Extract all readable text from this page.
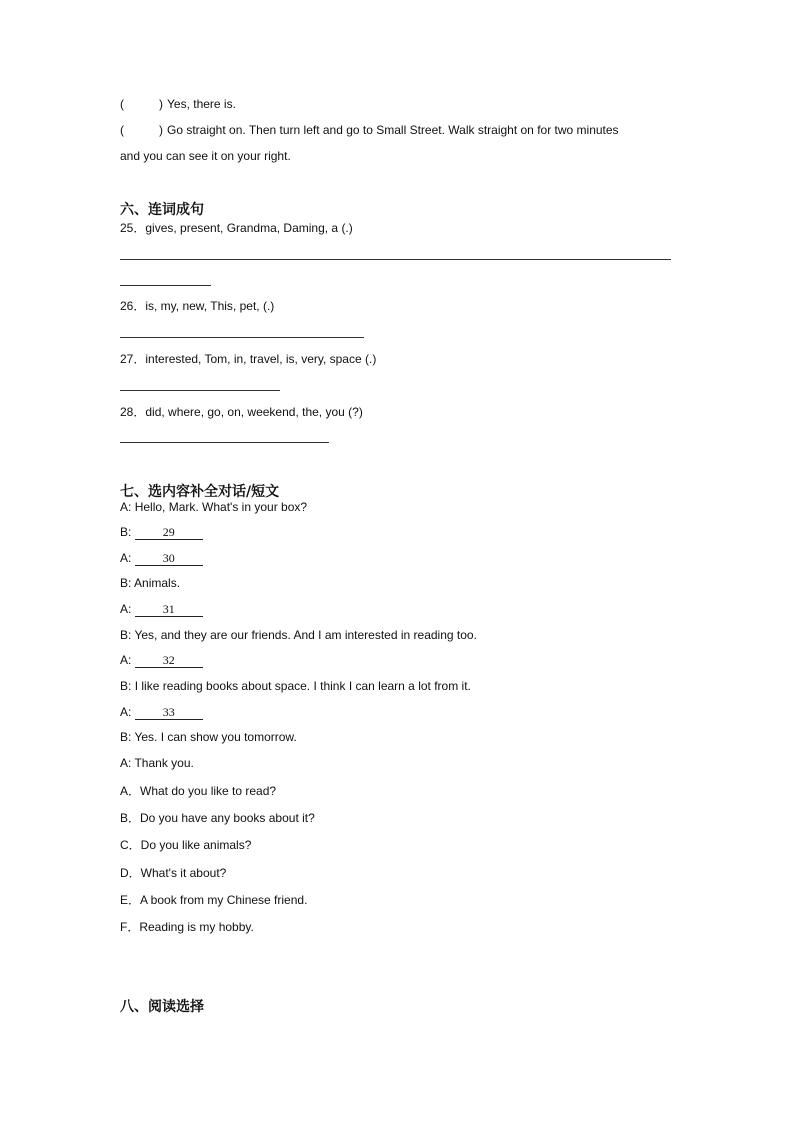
(	) Yes, there is.
(	) Go straight on. Then turn left and go to Small Street. Walk straight on for two minutes
and you can see it on your right.
六、连词成句
25．gives, present, Grandma, Daming, a (.)
26．is, my, new, This, pet, (.)
27．interested, Tom, in, travel, is, very, space (.)
28．did, where, go, on, weekend, the, you (?)
七、选内容补全对话/短文
A: Hello, Mark. What's in your box?
B:	29
A:	30
B: Animals.
A:	31
B: Yes, and they are our friends. And I am interested in reading too.
A:	32
B: I like reading books about space. I think I can learn a lot from it.
A:	33
B: Yes. I can show you tomorrow.
A: Thank you.
A．What do you like to read?
B．Do you have any books about it?
C．Do you like animals?
D．What's it about?
E．A book from my Chinese friend.
F．Reading is my hobby.
八、阅读选择
